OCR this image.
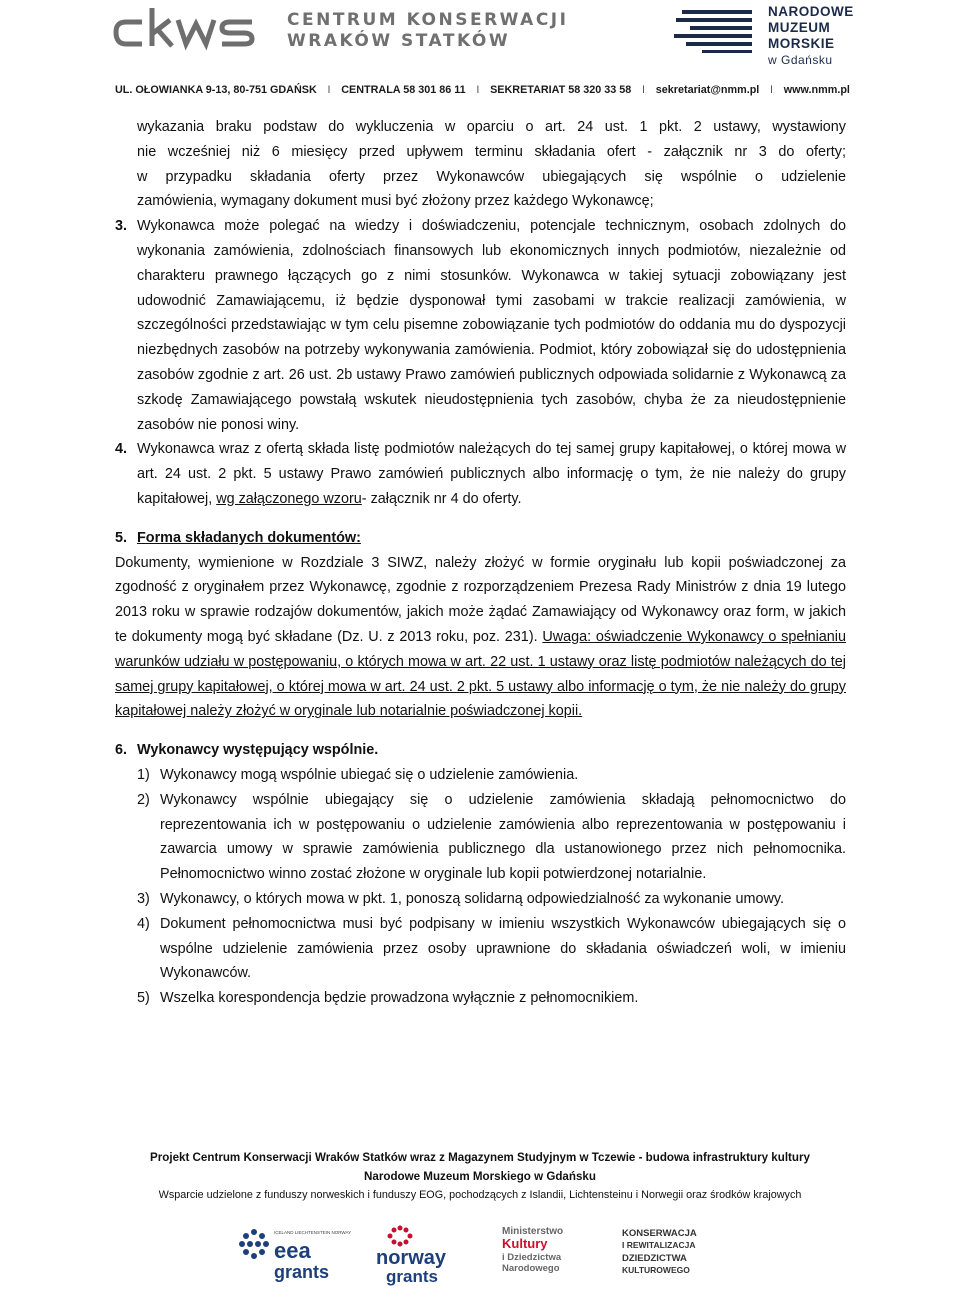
CENTRUM KONSERWACJI
WRAKÓW STATKÓW
NARODOWE
MUZEUM
MORSKIE
w Gdańsku
UL. OŁOWIANKA 9-13, 80-751 GDAŃSK I CENTRALA 58 301 86 11 I SEKRETARIAT 58 320 33 58 I sekretariat@nmm.pl I www.nmm.pl
wykazania braku podstaw do wykluczenia w oparciu o art. 24 ust. 1 pkt. 2 ustawy, wystawiony
nie wcześniej niż 6 miesięcy przed upływem terminu składania ofert - załącznik nr 3 do oferty;
w przypadku składania oferty przez Wykonawców ubiegających się wspólnie o udzielenie
zamówienia, wymagany dokument musi być złożony przez każdego Wykonawcę;
3. Wykonawca może polegać na wiedzy i doświadczeniu, potencjale technicznym, osobach zdolnych do wykonania zamówienia, zdolnościach finansowych lub ekonomicznych innych podmiotów, niezależnie od charakteru prawnego łączących go z nimi stosunków. Wykonawca w takiej sytuacji zobowiązany jest udowodnić Zamawiającemu, iż będzie dysponował tymi zasobami w trakcie realizacji zamówienia, w szczególności przedstawiając w tym celu pisemne zobowiązanie tych podmiotów do oddania mu do dyspozycji niezbędnych zasobów na potrzeby wykonywania zamówienia. Podmiot, który zobowiązał się do udostępnienia zasobów zgodnie z art. 26 ust. 2b ustawy Prawo zamówień publicznych odpowiada solidarnie z Wykonawcą za szkodę Zamawiającego powstałą wskutek nieudostępnienia tych zasobów, chyba że za nieudostępnienie zasobów nie ponosi winy.
4. Wykonawca wraz z ofertą składa listę podmiotów należących do tej samej grupy kapitałowej, o której mowa w art. 24 ust. 2 pkt. 5 ustawy Prawo zamówień publicznych albo informację o tym, że nie należy do grupy kapitałowej, wg załączonego wzoru- załącznik nr 4 do oferty.
5. Forma składanych dokumentów:

Dokumenty, wymienione w Rozdziale 3 SIWZ, należy złożyć w formie oryginału lub kopii poświadczonej za zgodność z oryginałem przez Wykonawcę, zgodnie z rozporządzeniem Prezesa Rady Ministrów z dnia 19 lutego 2013 roku w sprawie rodzajów dokumentów, jakich może żądać Zamawiający od Wykonawcy oraz form, w jakich te dokumenty mogą być składane (Dz. U. z 2013 roku, poz. 231). Uwaga: oświadczenie Wykonawcy o spełnianiu warunków udziału w postępowaniu, o których mowa w art. 22 ust. 1 ustawy oraz listę podmiotów należących do tej samej grupy kapitałowej, o której mowa w art. 24 ust. 2 pkt. 5 ustawy albo informację o tym, że nie należy do grupy kapitałowej należy złożyć w oryginale lub notarialnie poświadczonej kopii.

6. Wykonawcy występujący wspólnie.
1) Wykonawcy mogą wspólnie ubiegać się o udzielenie zamówienia.
2) Wykonawcy wspólnie ubiegający się o udzielenie zamówienia składają pełnomocnictwo do reprezentowania ich w postępowaniu o udzielenie zamówienia albo reprezentowania w postępowaniu i zawarcia umowy w sprawie zamówienia publicznego dla ustanowionego przez nich pełnomocnika. Pełnomocnictwo winno zostać złożone w oryginale lub kopii potwierdzonej notarialnie.
3) Wykonawcy, o których mowa w pkt. 1, ponoszą solidarną odpowiedzialność za wykonanie umowy.
4) Dokument pełnomocnictwa musi być podpisany w imieniu wszystkich Wykonawców ubiegających się o wspólne udzielenie zamówienia przez osoby uprawnione do składania oświadczeń woli, w imieniu Wykonawców.
5) Wszelka korespondencja będzie prowadzona wyłącznie z pełnomocnikiem.
Projekt Centrum Konserwacji Wraków Statków wraz z Magazynem Studyjnym w Tczewie - budowa infrastruktury kultury
Narodowe Muzeum Morskiego w Gdańsku
Wsparcie udzielone z funduszy norweskich i funduszy EOG, pochodzących z Islandii, Lichtensteinu i Norwegii oraz środków krajowych
ICELAND LIECHTENSTEIN NORWAY
eea
grants
norway
grants
Ministerstwo
Kultury
i Dziedzictwa
Narodowego
KONSERWACJA
I REWITALIZACJA
DZIEDZICTWA
KULTUROWEGO
